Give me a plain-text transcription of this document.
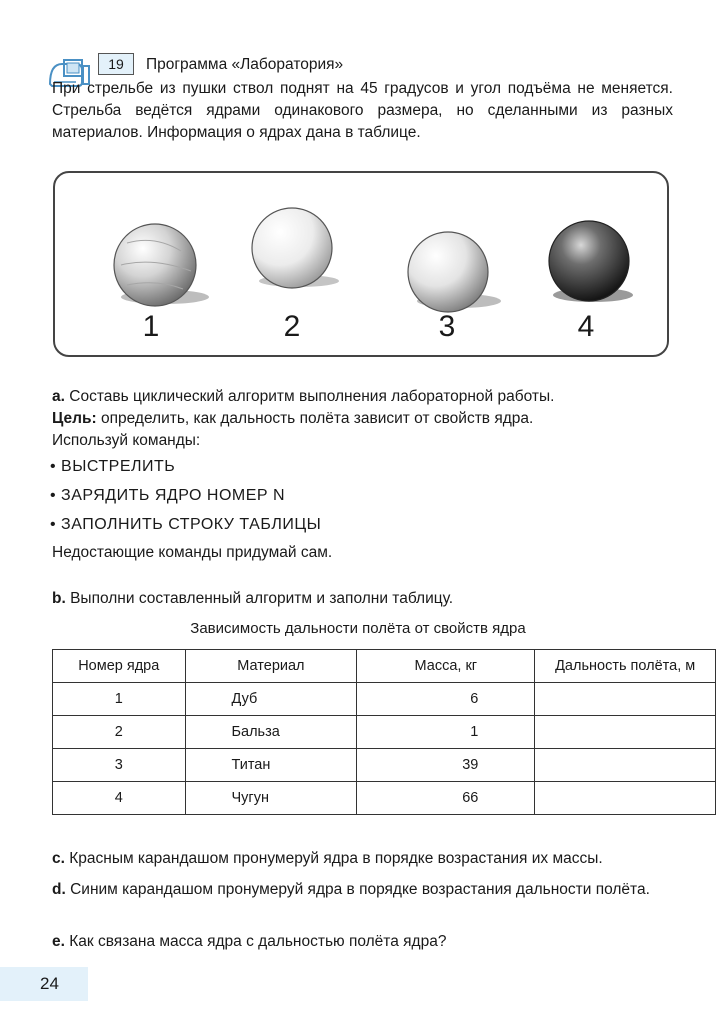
19	Программа «Лаборатория»
При стрельбе из пушки ствол поднят на 45 градусов и угол подъёма не меняется. Стрельба ведётся ядрами одинакового размера, но сделанными из разных материалов. Информация о ядрах дана в таблице.
1	2	3	4
a. Составь циклический алгоритм выполнения лабораторной работы.
Цель: определить, как дальность полёта зависит от свойств ядра.
Используй команды:
• ВЫСТРЕЛИТЬ
• ЗАРЯДИТЬ ЯДРО НОМЕР N
• ЗАПОЛНИТЬ СТРОКУ ТАБЛИЦЫ
Недостающие команды придумай сам.
b. Выполни составленный алгоритм и заполни таблицу.
Зависимость дальности полёта от свойств ядра
Номер ядра	Материал	Масса, кг	Дальность полёта, м
1	Дуб	6	
2	Бальза	1	
3	Титан	39	
4	Чугун	66	
c. Красным карандашом пронумеруй ядра в порядке возрастания их массы.
d. Синим карандашом пронумеруй ядра в порядке возрастания дальности полёта.
e. Как связана масса ядра с дальностью полёта ядра?
24
